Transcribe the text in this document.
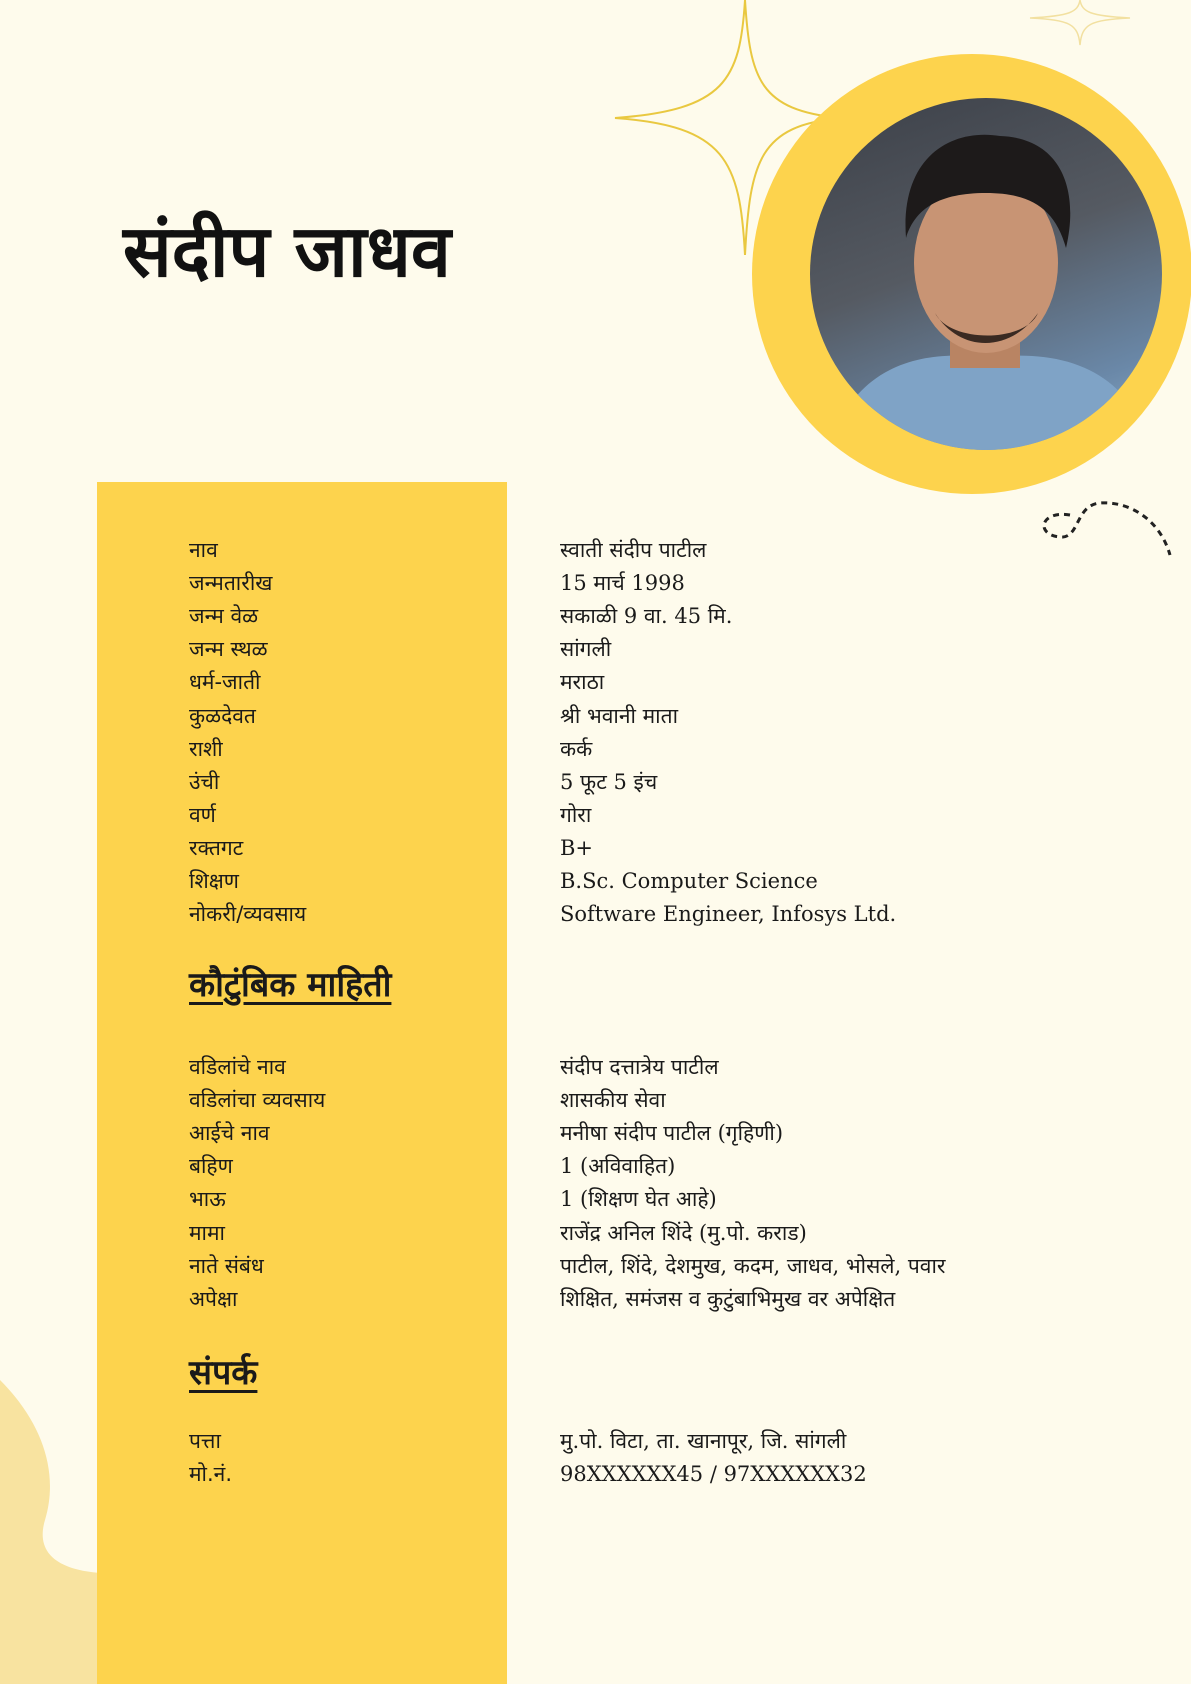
संदीप जाधव
नाव	स्वाती संदीप पाटील
जन्मतारीख	15 मार्च 1998
जन्म वेळ	सकाळी 9 वा. 45 मि.
जन्म स्थळ	सांगली
धर्म-जाती	मराठा
कुळदेवत	श्री भवानी माता
राशी	कर्क
उंची	5 फूट 5 इंच
वर्ण	गोरा
रक्तगट	B+
शिक्षण	B.Sc. Computer Science
नोकरी/व्यवसाय	Software Engineer, Infosys Ltd.
कौटुंबिक माहिती
वडिलांचे नाव	संदीप दत्तात्रेय पाटील
वडिलांचा व्यवसाय	शासकीय सेवा
आईचे नाव	मनीषा संदीप पाटील (गृहिणी)
बहिण	1 (अविवाहित)
भाऊ	1 (शिक्षण घेत आहे)
मामा	राजेंद्र अनिल शिंदे (मु.पो. कराड)
नाते संबंध	पाटील, शिंदे, देशमुख, कदम, जाधव, भोसले, पवार
अपेक्षा	शिक्षित, समंजस व कुटुंबाभिमुख वर अपेक्षित
संपर्क
पत्ता	मु.पो. विटा, ता. खानापूर, जि. सांगली
मो.नं.	98XXXXXX45 / 97XXXXXX32
